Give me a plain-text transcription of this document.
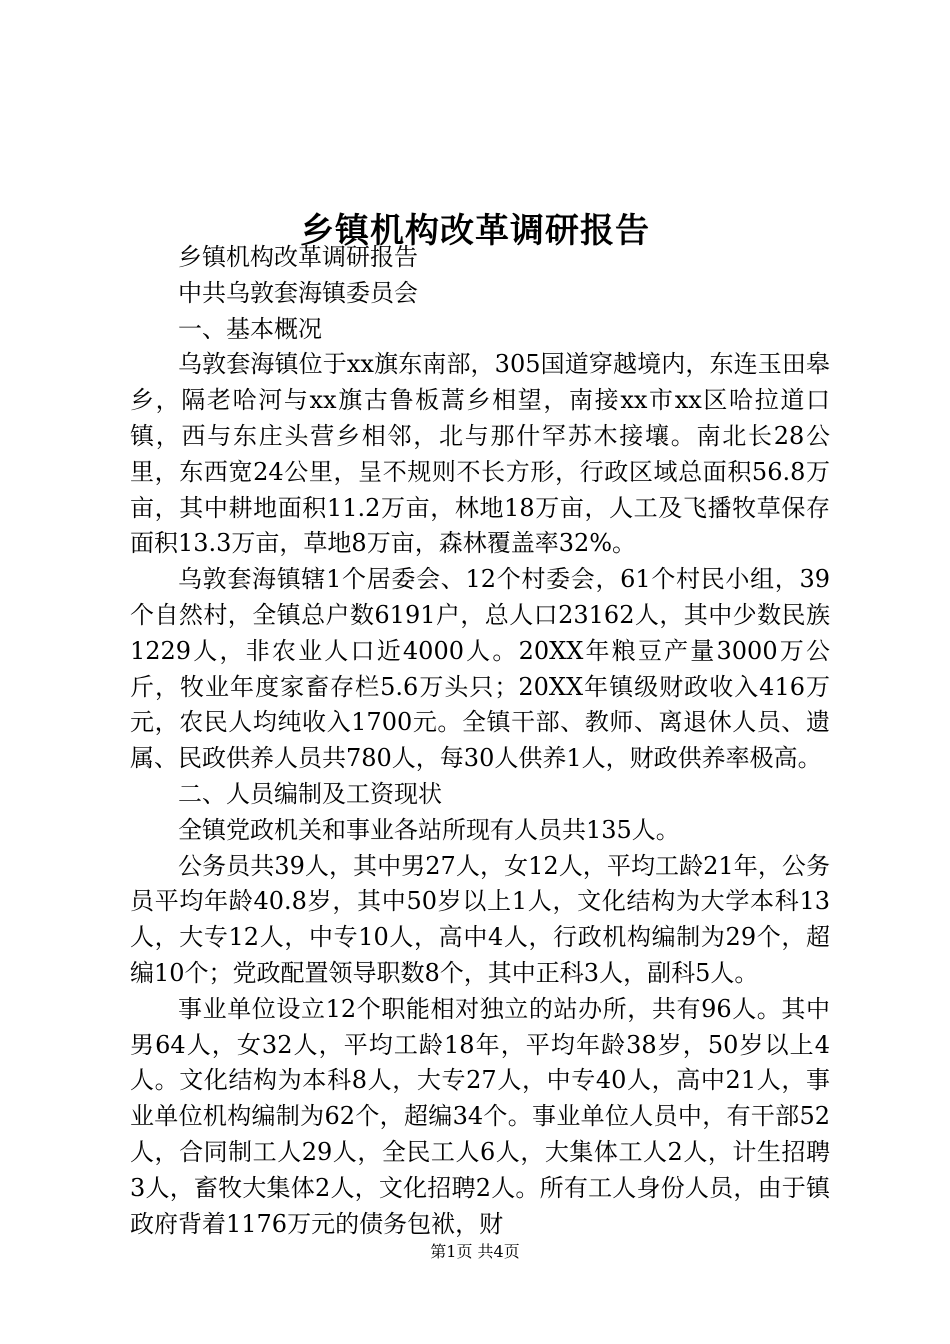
乡镇机构改革调研报告

乡镇机构改革调研报告

中共乌敦套海镇委员会

一、基本概况

乌敦套海镇位于xx旗东南部，305国道穿越境内，东连玉田皋乡，隔老哈河与xx旗古鲁板蒿乡相望，南接xx市xx区哈拉道口镇，西与东庄头营乡相邻，北与那什罕苏木接壤。南北长28公里，东西宽24公里，呈不规则不长方形，行政区域总面积56.8万亩，其中耕地面积11.2万亩，林地18万亩，人工及飞播牧草保存面积13.3万亩，草地8万亩，森林覆盖率32%。

乌敦套海镇辖1个居委会、12个村委会，61个村民小组，39个自然村，全镇总户数6191户，总人口23162人，其中少数民族1229人，非农业人口近4000人。20XX年粮豆产量3000万公斤，牧业年度家畜存栏5.6万头只；20XX年镇级财政收入416万元，农民人均纯收入1700元。全镇干部、教师、离退休人员、遗属、民政供养人员共780人，每30人供养1人，财政供养率极高。

二、人员编制及工资现状

全镇党政机关和事业各站所现有人员共135人。

公务员共39人，其中男27人，女12人，平均工龄21年，公务员平均年龄40.8岁，其中50岁以上1人，文化结构为大学本科13人，大专12人，中专10人，高中4人，行政机构编制为29个，超编10个；党政配置领导职数8个，其中正科3人，副科5人。

事业单位设立12个职能相对独立的站办所，共有96人。其中男64人，女32人，平均工龄18年，平均年龄38岁，50岁以上4人。文化结构为本科8人，大专27人，中专40人，高中21人，事业单位机构编制为62个，超编34个。事业单位人员中，有干部52人，合同制工人29人，全民工人6人，大集体工人2人，计生招聘3人，畜牧大集体2人，文化招聘2人。所有工人身份人员，由于镇政府背着1176万元的债务包袱，财

第1页 共4页
